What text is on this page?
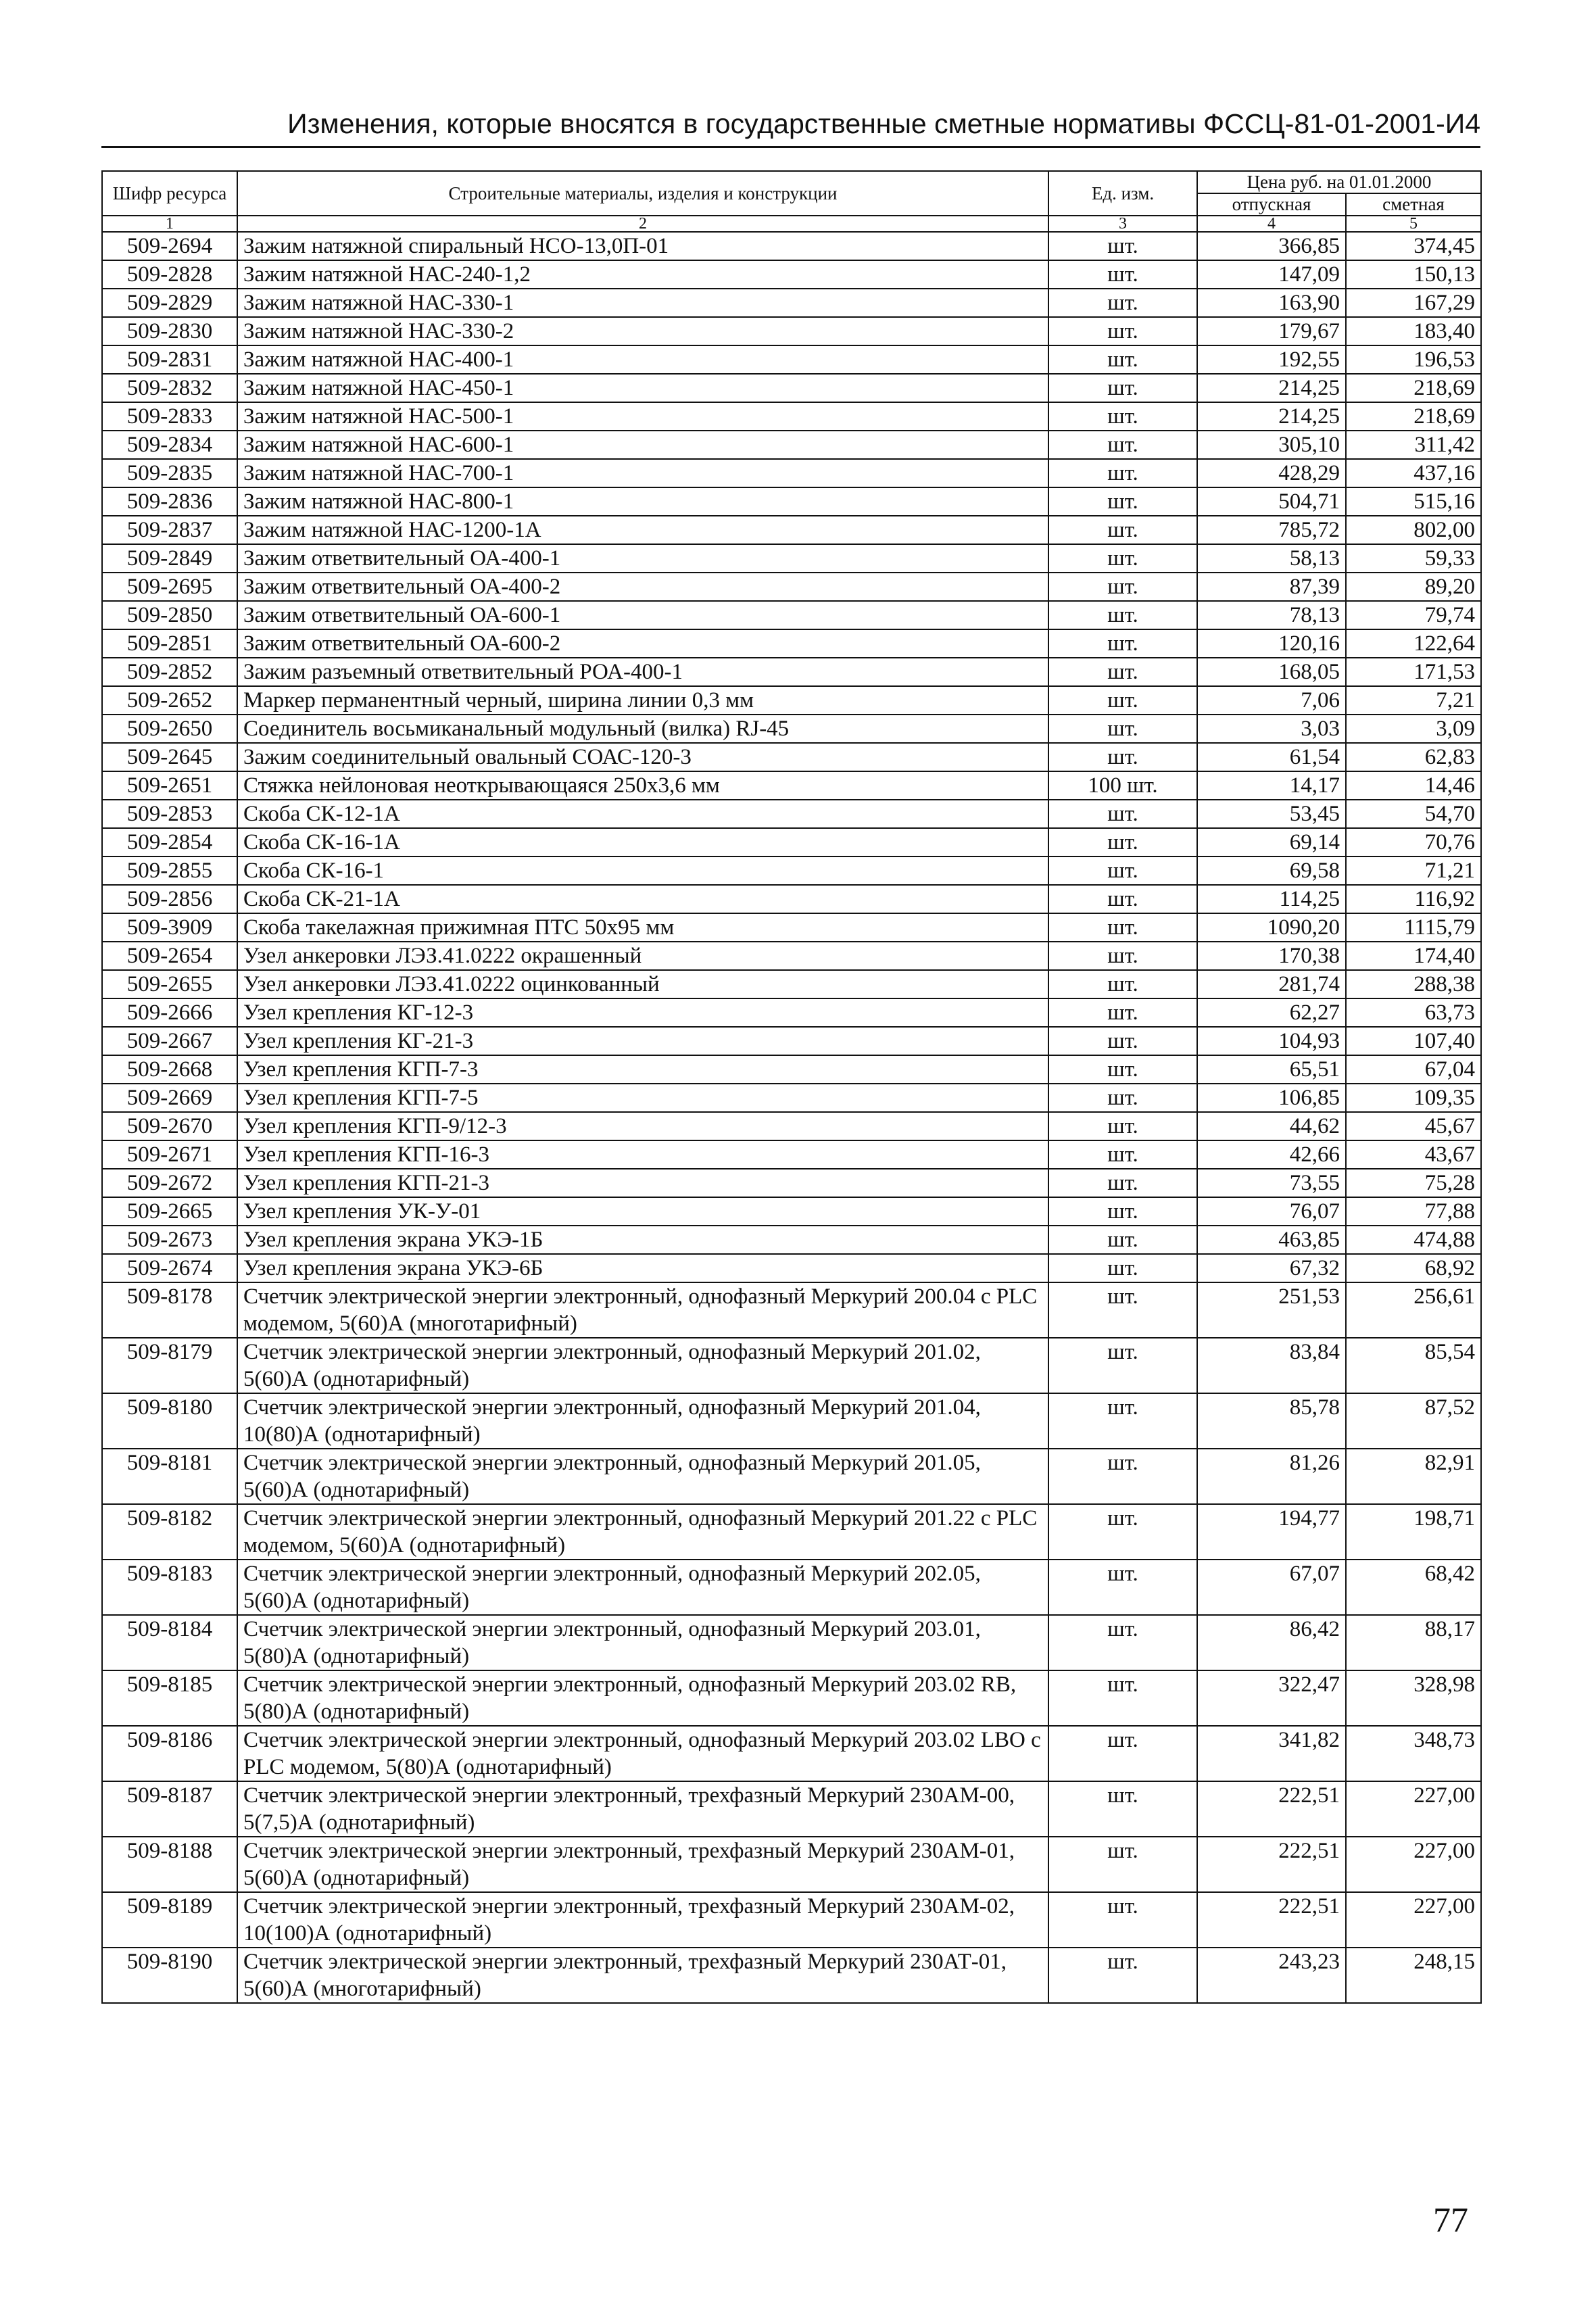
Изменения, которые вносятся в государственные сметные нормативы ФССЦ-81-01-2001-И4
Шифр ресурса	Строительные материалы, изделия и конструкции	Ед. изм.	Цена руб. на 01.01.2000	
			отпускная	сметная
1	2	3	4	5
509-2694	Зажим натяжной спиральный НСО-13,0П-01	шт.	366,85	374,45
509-2828	Зажим натяжной НАС-240-1,2	шт.	147,09	150,13
509-2829	Зажим натяжной НАС-330-1	шт.	163,90	167,29
509-2830	Зажим натяжной НАС-330-2	шт.	179,67	183,40
509-2831	Зажим натяжной НАС-400-1	шт.	192,55	196,53
509-2832	Зажим натяжной НАС-450-1	шт.	214,25	218,69
509-2833	Зажим натяжной НАС-500-1	шт.	214,25	218,69
509-2834	Зажим натяжной НАС-600-1	шт.	305,10	311,42
509-2835	Зажим натяжной НАС-700-1	шт.	428,29	437,16
509-2836	Зажим натяжной НАС-800-1	шт.	504,71	515,16
509-2837	Зажим натяжной НАС-1200-1А	шт.	785,72	802,00
509-2849	Зажим ответвительный ОА-400-1	шт.	58,13	59,33
509-2695	Зажим ответвительный ОА-400-2	шт.	87,39	89,20
509-2850	Зажим ответвительный ОА-600-1	шт.	78,13	79,74
509-2851	Зажим ответвительный ОА-600-2	шт.	120,16	122,64
509-2852	Зажим разъемный ответвительный РОА-400-1	шт.	168,05	171,53
509-2652	Маркер перманентный черный, ширина линии 0,3 мм	шт.	7,06	7,21
509-2650	Соединитель восьмиканальный модульный (вилка) RJ-45	шт.	3,03	3,09
509-2645	Зажим соединительный овальный СОАС-120-3	шт.	61,54	62,83
509-2651	Стяжка нейлоновая неоткрывающаяся 250х3,6 мм	100 шт.	14,17	14,46
509-2853	Скоба СК-12-1А	шт.	53,45	54,70
509-2854	Скоба СК-16-1А	шт.	69,14	70,76
509-2855	Скоба СК-16-1	шт.	69,58	71,21
509-2856	Скоба СК-21-1А	шт.	114,25	116,92
509-3909	Скоба такелажная прижимная ПТС 50х95 мм	шт.	1090,20	1115,79
509-2654	Узел анкеровки ЛЭЗ.41.0222 окрашенный	шт.	170,38	174,40
509-2655	Узел анкеровки ЛЭЗ.41.0222 оцинкованный	шт.	281,74	288,38
509-2666	Узел крепления КГ-12-3	шт.	62,27	63,73
509-2667	Узел крепления КГ-21-3	шт.	104,93	107,40
509-2668	Узел крепления КГП-7-3	шт.	65,51	67,04
509-2669	Узел крепления КГП-7-5	шт.	106,85	109,35
509-2670	Узел крепления КГП-9/12-3	шт.	44,62	45,67
509-2671	Узел крепления КГП-16-3	шт.	42,66	43,67
509-2672	Узел крепления КГП-21-3	шт.	73,55	75,28
509-2665	Узел крепления УК-У-01	шт.	76,07	77,88
509-2673	Узел крепления экрана УКЭ-1Б	шт.	463,85	474,88
509-2674	Узел крепления экрана УКЭ-6Б	шт.	67,32	68,92
509-8178	Счетчик электрической энергии электронный, однофазный Меркурий 200.04 с PLC модемом, 5(60)А (многотарифный)	шт.	251,53	256,61
509-8179	Счетчик электрической энергии электронный, однофазный Меркурий 201.02, 5(60)А (однотарифный)	шт.	83,84	85,54
509-8180	Счетчик электрической энергии электронный, однофазный Меркурий 201.04, 10(80)А (однотарифный)	шт.	85,78	87,52
509-8181	Счетчик электрической энергии электронный, однофазный Меркурий 201.05, 5(60)А (однотарифный)	шт.	81,26	82,91
509-8182	Счетчик электрической энергии электронный, однофазный Меркурий 201.22 с PLC модемом, 5(60)А (однотарифный)	шт.	194,77	198,71
509-8183	Счетчик электрической энергии электронный, однофазный Меркурий 202.05, 5(60)А (однотарифный)	шт.	67,07	68,42
509-8184	Счетчик электрической энергии электронный, однофазный Меркурий 203.01, 5(80)А (однотарифный)	шт.	86,42	88,17
509-8185	Счетчик электрической энергии электронный, однофазный Меркурий 203.02 RB, 5(80)А (однотарифный)	шт.	322,47	328,98
509-8186	Счетчик электрической энергии электронный, однофазный Меркурий 203.02 LBO с PLC модемом, 5(80)А (однотарифный)	шт.	341,82	348,73
509-8187	Счетчик электрической энергии электронный, трехфазный Меркурий 230АМ-00, 5(7,5)А (однотарифный)	шт.	222,51	227,00
509-8188	Счетчик электрической энергии электронный, трехфазный Меркурий 230АМ-01, 5(60)А (однотарифный)	шт.	222,51	227,00
509-8189	Счетчик электрической энергии электронный, трехфазный Меркурий 230АМ-02, 10(100)А (однотарифный)	шт.	222,51	227,00
509-8190	Счетчик электрической энергии электронный, трехфазный Меркурий 230АТ-01, 5(60)А (многотарифный)	шт.	243,23	248,15
77
